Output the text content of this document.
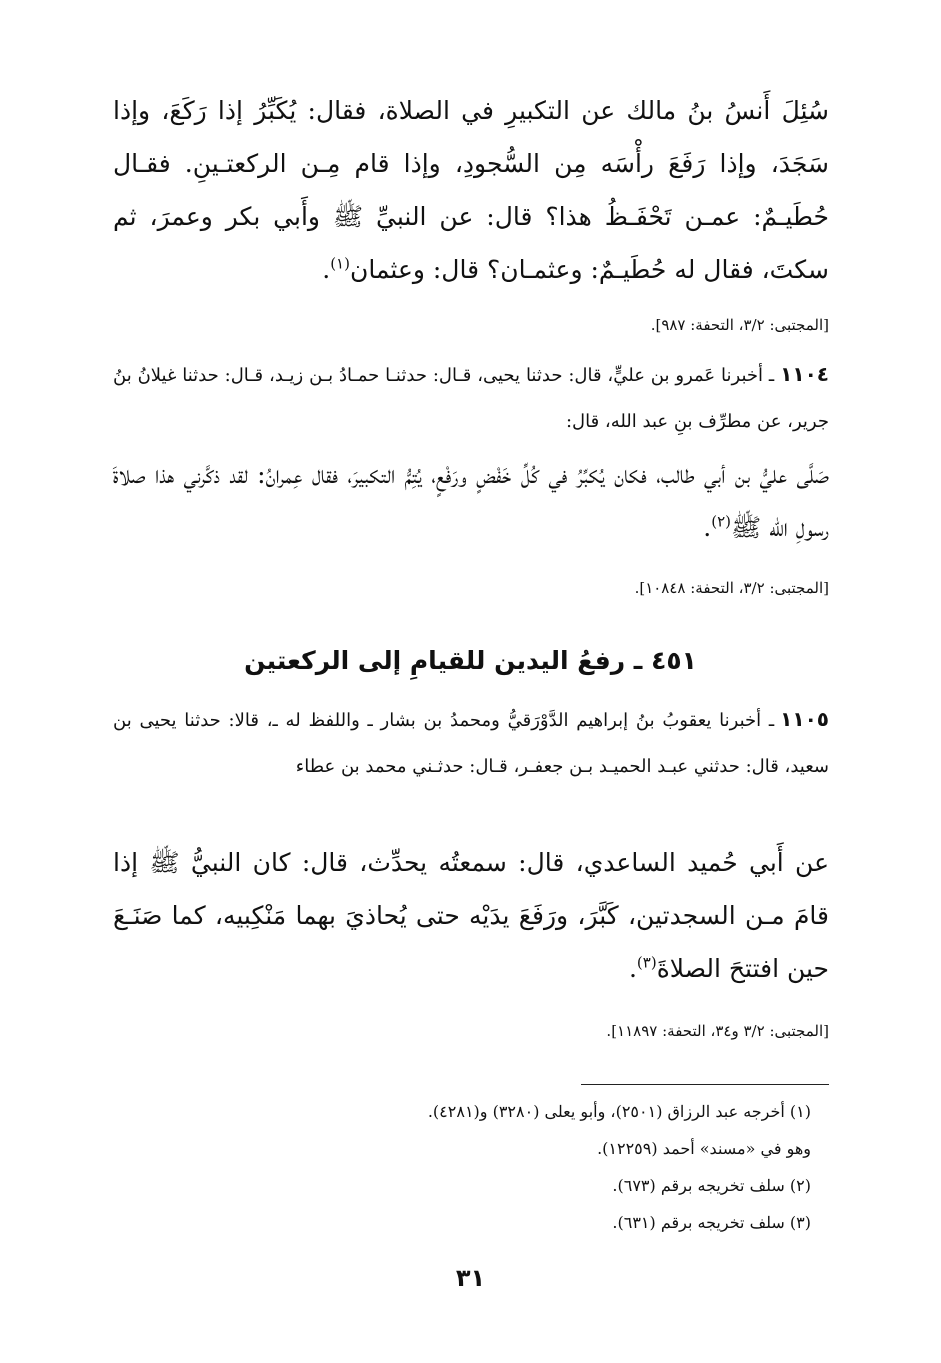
سُئِلَ أَنسُ بنُ مالك عن التكبيرِ في الصلاة، فقال: يُكَبِّرُ إذا رَكَعَ، وإذا سَجَدَ، وإذا رَفَعَ رأْسَه مِن السُّجودِ، وإذا قام مِـن الركعتـينِ. فقـال حُطَيـمٌ: عمـن تَحْفَـظُ هذا؟ قال: عن النبيِّ ﷺ وأَبي بكر وعمرَ، ثم سكتَ، فقال له حُطَيـمٌ: وعثمـان؟ قال: وعثمان$^{(١)}$.
[المجتبى: ٣/٢، التحفة: ٩٨٧].
١١٠٤ـ أخبرنا عَمرو بن عليٍّ، قال: حدثنا يحيى، قـال: حدثنـا حمـادُ بـن زيـد، قـال: حدثنا غيلانُ بنُ جرير، عن مطرِّف بنِ عبد الله، قال:
صَلَّى عليُّ بن أبي طالب، فكان يُكبِّرُ في كُلِّ خَفْضٍ ورَفْعٍ، يُتِمُّ التكبيرَ، فقال عِمرانُ: لقد ذكَّرني هذا صلاةَ رسولِ الله ﷺ$^{(٢)}$.
[المجتبى: ٣/٢، التحفة: ١٠٨٤٨].
٤٥١ ـ رفعُ اليدين للقيامِ إلى الركعتين
١١٠٥ـ أخبرنا يعقوبُ بنُ إبراهيم الدَّوْرَقيُّ ومحمدُ بن بشار ـ واللفظ له ـ، قالا: حدثنا يحيى بن سعيد، قال: حدثني عبـد الحميـد بـن جعفـر، قـال: حدثـني محمد بن عطاء
عن أَبي حُميد الساعدي، قال: سمعتُه يحدِّث، قال: كان النبيُّ ﷺ إذا قامَ مـن السجدتين، كَبَّرَ، ورَفَعَ يدَيْه حتى يُحاذيَ بهما مَنْكِبيه، كما صَنَـعَ حين افتتحَ الصلاةَ$^{(٣)}$.
[المجتبى: ٣/٢ و٣٤، التحفة: ١١٨٩٧].
(١) أخرجه عبد الرزاق (٢٥٠١)، وأبو يعلى (٣٢٨٠) و(٤٢٨١).
وهو في «مسند» أحمد (١٢٢٥٩).
(٢) سلف تخريجه برقم (٦٧٣).
(٣) سلف تخريجه برقم (٦٣١).
٣١
